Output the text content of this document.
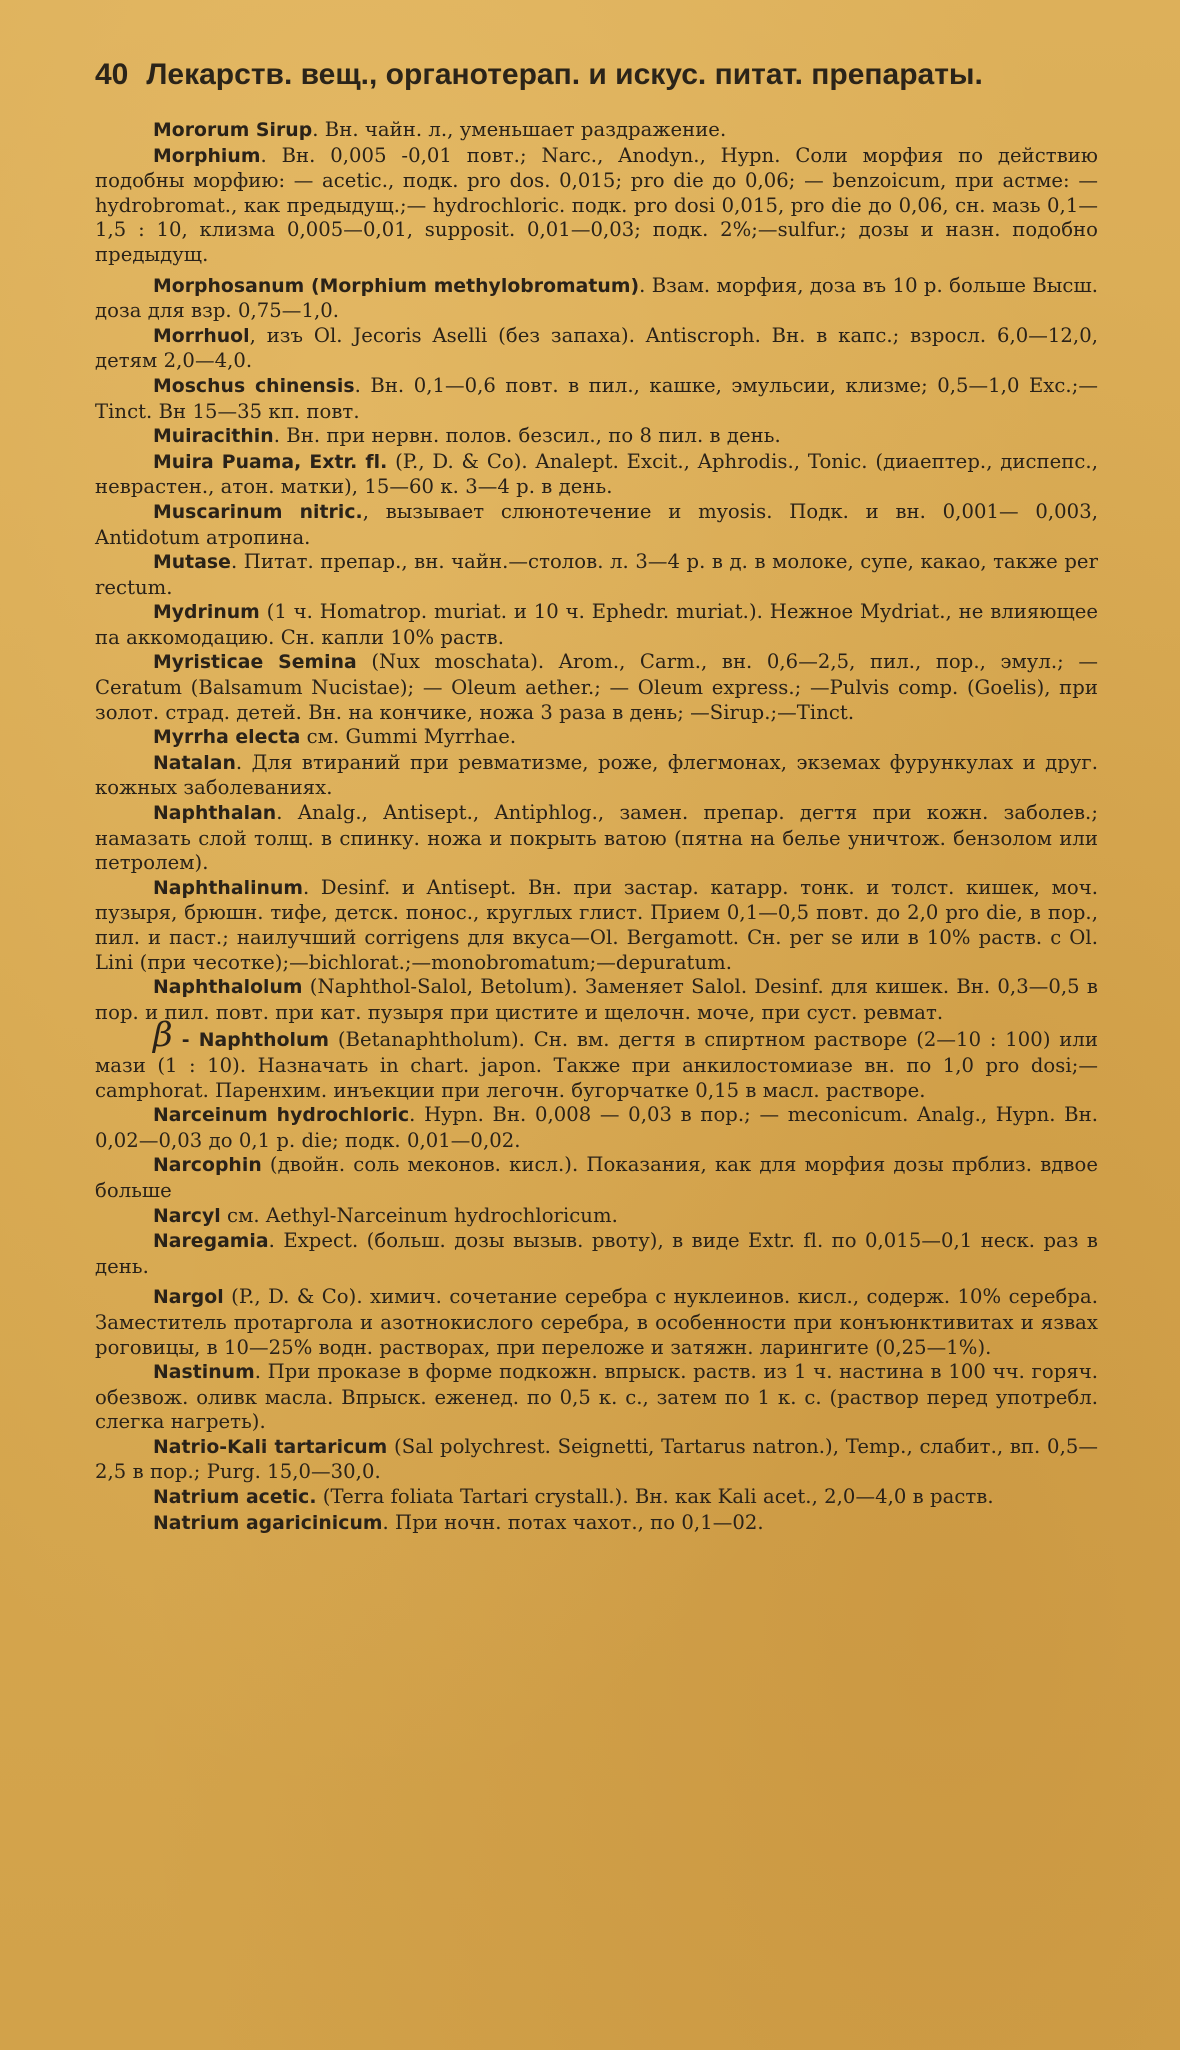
40 Лекарств. вещ., органотерап. и искус. питат. препараты.

Mororum Sirup. Вн. чайн. л., уменьшает раздражение.

Morphium. Вн. 0,005 -0,01 повт.; Narc., Anodyn., Hypn. Соли морфия по действию подобны морфию: — acetic., подк. pro dos. 0,015; pro die до 0,06; — benzoicum, при астме: — hydrobromat., как предыдущ.;— hydrochloric. подк. pro dosi 0,015, pro die до 0,06, сн. мазь 0,1—1,5 : 10, клизма 0,005—0,01, supposit. 0,01—0,03; подк. 2%;—sulfur.; дозы и назн. подобно предыдущ.

Morphosanum (Morphium methylobromatum). Взам. морфия, доза въ 10 р. больше Высш. доза для взр. 0,75—1,0.

Morrhuol, изъ Ol. Jecoris Aselli (без запаха). Antiscroph. Вн. в капс.; взросл. 6,0—12,0, детям 2,0—4,0.

Moschus chinensis. Вн. 0,1—0,6 повт. в пил., кашке, эмульсии, клизме; 0,5—1,0 Exc.;—Tinct. Вн 15—35 кп. повт.

Muiracithin. Вн. при нервн. полов. безсил., по 8 пил. в день.

Muira Puama, Extr. fl. (P., D. & Co). Analept. Excit., Aphrodis., Tonic. (диаептер., диспепс., неврастен., атон. матки), 15—60 к. 3—4 р. в день.

Muscarinum nitric., вызывает слюнотечение и myosis. Подк. и вн. 0,001— 0,003, Antidotum атропина.

Mutase. Питат. препар., вн. чайн.—столов. л. 3—4 р. в д. в молоке, супе, какао, также per rectum.

Mydrinum (1 ч. Homatrop. muriat. и 10 ч. Ephedr. muriat.). Нежное Mydriat., не влияющее па аккомодацию. Сн. капли 10% раств.

Myristicae Semina (Nux moschata). Arom., Carm., вн. 0,6—2,5, пил., пор., эмул.; — Ceratum (Balsamum Nucistae); — Oleum aether.; — Oleum express.; —Pulvis comp. (Goelis), при золот. страд. детей. Вн. на кончике, ножа 3 раза в день; —Sirup.;—Tinct.

Myrrha electa см. Gummi Myrrhae.

Natalan. Для втираний при ревматизме, роже, флегмонах, экземах фурункулах и друг. кожных заболеваниях.

Naphthalan. Analg., Antisept., Antiphlog., замен. препар. дегтя при кожн. заболев.; намазать слой толщ. в спинку. ножа и покрыть ватою (пятна на белье уничтож. бензолом или петролем).

Naphthalinum. Desinf. и Antisept. Вн. при застар. катарр. тонк. и толст. кишек, моч. пузыря, брюшн. тифе, детск. понос., круглых глист. Прием 0,1—0,5 повт. до 2,0 pro die, в пор., пил. и паст.; наилучший corrigens для вкуса—Ol. Bergamott. Сн. per se или в 10% раств. с Ol. Lini (при чесотке);—bichlorat.;—monobromatum;—depuratum.

Naphthalolum (Naphthol-Salol, Betolum). Заменяет Salol. Desinf. для кишек. Вн. 0,3—0,5 в пор. и пил. повт. при кат. пузыря при циститe и щелочн. моче, при суст. ревмат.

β - Naphtholum (Betanaphtholum). Сн. вм. дегтя в спиртном растворе (2—10 : 100) или мази (1 : 10). Назначать in chart. japon. Также при анкилостомиазе вн. по 1,0 pro dosi;—camphorat. Паренхим. инъекции при легочн. бугорчатке 0,15 в масл. растворе.

Narceinum hydrochloric. Hypn. Вн. 0,008 — 0,03 в пор.; — meconicum. Analg., Hypn. Вн. 0,02—0,03 до 0,1 p. die; подк. 0,01—0,02.

Narcophin (двойн. соль меконов. кисл.). Показания, как для морфия дозы прблиз. вдвое больше

Narcyl см. Aethyl-Narceinum hydrochloricum.

Naregamia. Expect. (больш. дозы вызыв. рвоту), в виде Extr. fl. по 0,015—0,1 неск. раз в день.

Nargol (P., D. & Co). химич. сочетание серебра с нуклеинов. кисл., содерж. 10% серебра. Заместитель протаргола и азотнокислого серебра, в особенности при конъюнктивитах и язвах роговицы, в 10—25% водн. растворах, при переложе и затяжн. ларингите (0,25—1%).

Nastinum. При проказе в форме подкожн. впрыск. раств. из 1 ч. настина в 100 чч. горяч. обезвож. оливк масла. Впрыск. еженед. по 0,5 к. с., затем по 1 к. с. (раствор перед употребл. слегка нагреть).

Natrio-Kali tartaricum (Sal polychrest. Seignetti, Tartarus natron.), Temp., слабит., вп. 0,5—2,5 в пор.; Purg. 15,0—30,0.

Natrium acetic. (Terra foliata Tartari crystall.). Вн. как Kali acet., 2,0—4,0 в раств.

Natrium agaricinicum. При ночн. потах чахот., по 0,1—02.
